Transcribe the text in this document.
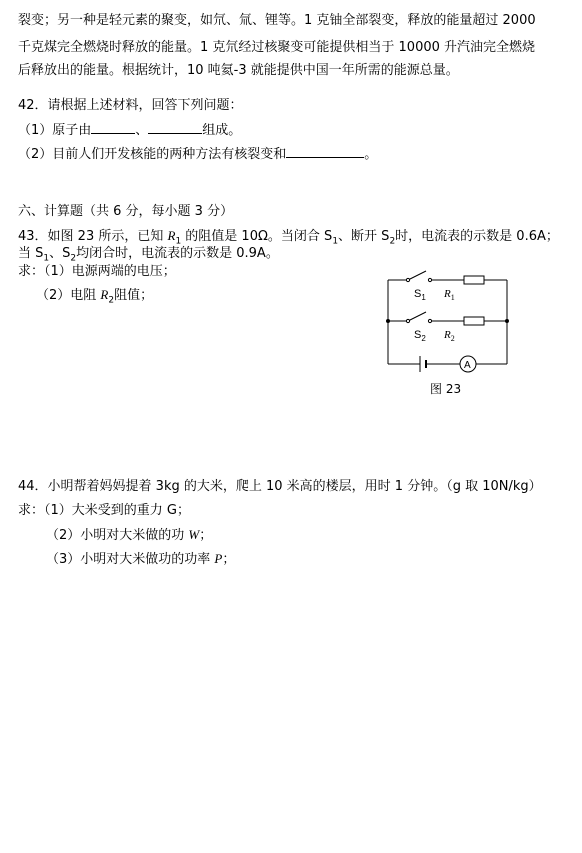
裂变；另一种是轻元素的聚变，如氘、氚、锂等。1 克铀全部裂变，释放的能量超过 2000
千克煤完全燃烧时释放的能量。1 克氘经过核聚变可能提供相当于 10000 升汽油完全燃烧
后释放出的能量。根据统计，10 吨氦-3 就能提供中国一年所需的能源总量。
42．请根据上述材料，回答下列问题：
（1）原子由	、	组成。
（2）目前人们开发核能的两种方法有核裂变和	。
六、计算题（共 6 分，每小题 3 分）
43．如图 23 所示，已知 $R_1$ 的阻值是 10Ω。当闭合 $S_1$、断开 $S_2$时，电流表的示数是 0.6A；
当 $S_1$、$S_2$均闭合时，电流表的示数是 0.9A。
求：（1）电源两端的电压；
（2）电阻 $R_2$阻值；
A
$S_1$ $R_1$
$S_2$ $R_2$
图 23
44．小明帮着妈妈提着 3kg 的大米，爬上 10 米高的楼层，用时 1 分钟。（g 取 10N/kg）
求：（1）大米受到的重力 G；
（2）小明对大米做的功 W；
（3）小明对大米做功的功率 P；
